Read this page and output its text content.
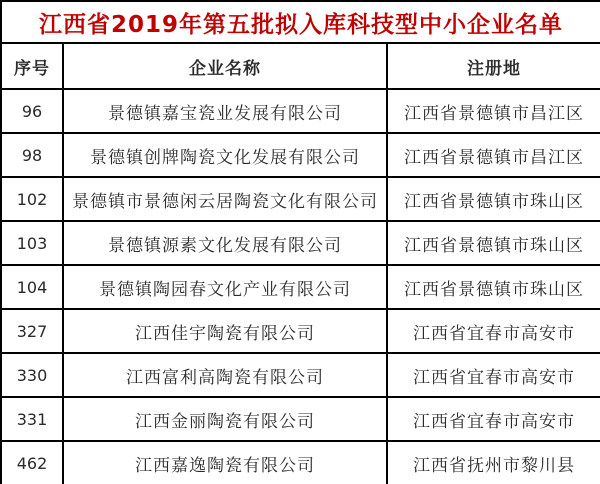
江西省2019年第五批拟入库科技型中小企业名单		
序号	企业名称	注册地
96	景德镇嘉宝瓷业发展有限公司	江西省景德镇市昌江区
98	景德镇创牌陶瓷文化发展有限公司	江西省景德镇市昌江区
102	景德镇市景德闲云居陶瓷文化有限公司	江西省景德镇市珠山区
103	景德镇源素文化发展有限公司	江西省景德镇市珠山区
104	景德镇陶园春文化产业有限公司	江西省景德镇市珠山区
327	江西佳宇陶瓷有限公司	江西省宜春市高安市
330	江西富利高陶瓷有限公司	江西省宜春市高安市
331	江西金丽陶瓷有限公司	江西省宜春市高安市
462	江西嘉逸陶瓷有限公司	江西省抚州市黎川县
